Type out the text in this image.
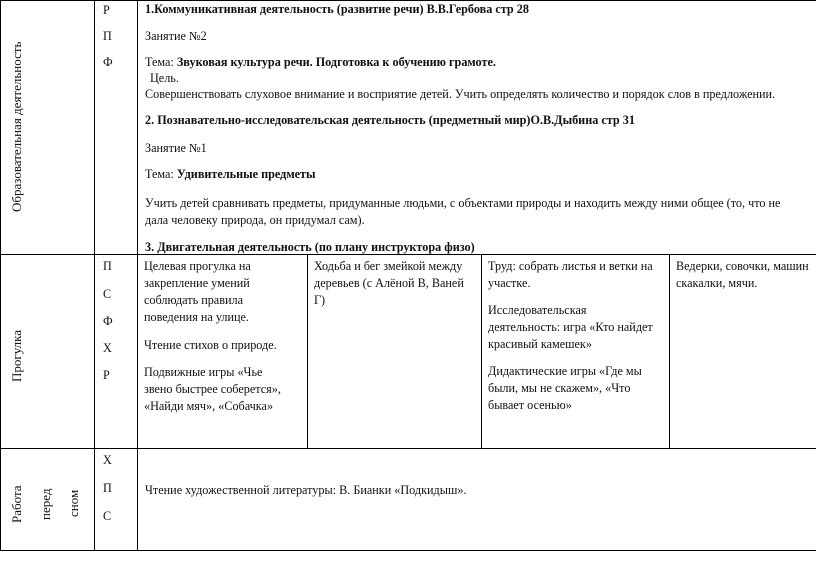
Образовательная деятельность
Р
П
Ф
1.Коммуникативная деятельность (развитие речи) В.В.Гербова стр 28
Занятие №2
Тема: Звуковая культура речи. Подготовка к обучению грамоте.
Цель.
Совершенствовать слуховое внимание и восприятие детей. Учить определять количество и порядок слов в предложении.
2. Познавательно-исследовательская деятельность (предметный мир)О.В.Дыбина стр 31
Занятие №1
Тема: Удивительные предметы
Учить детей сравнивать предметы, придуманные людьми, с объектами природы и находить между ними общее (то, что не
дала человеку природа, он придумал сам).
3. Двигательная деятельность (по плану инструктора физо)
Прогулка
П
С
Ф
Х
Р
Целевая прогулка на
закрепление умений
соблюдать правила
поведения на улице.
Чтение стихов о природе.
Подвижные игры «Чье
звено быстрее соберется»,
«Найди мяч», «Собачка»
Ходьба и бег змейкой между
деревьев (с Алёной В, Ваней
Г)
Труд: собрать листья и ветки на
участке.
Исследовательская
деятельность: игра «Кто найдет
красивый камешек»
Дидактические игры «Где мы
были, мы не скажем», «Что
бывает осенью»
Ведерки, совочки, машин
скакалки, мячи.
Работа перед сном
Х
П
С
Чтение художественной литературы: В. Бианки «Подкидыш».
